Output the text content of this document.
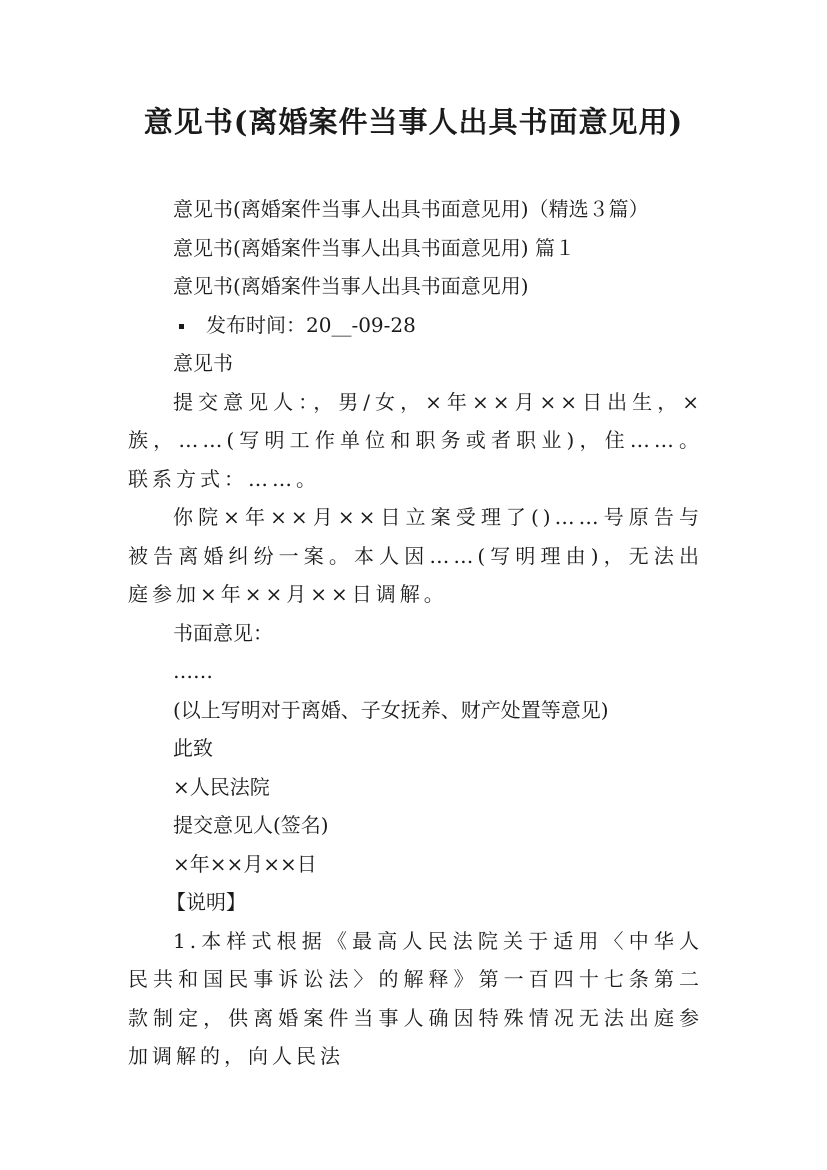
意见书(离婚案件当事人出具书面意见用)

意见书(离婚案件当事人出具书面意见用)（精选３篇）

意见书(离婚案件当事人出具书面意见用) 篇１

意见书(离婚案件当事人出具书面意见用)

发布时间：20__-09-28

意见书

提交意见人：，男/女，×年××月××日出生，×族，……(写明工作单位和职务或者职业)，住……。联系方式：……。

你院×年××月××日立案受理了()……号原告与被告离婚纠纷一案。本人因……(写明理由)，无法出庭参加×年××月××日调解。

书面意见：

……

(以上写明对于离婚、子女抚养、财产处置等意见)

此致

×人民法院

提交意见人(签名)

×年××月××日

【说明】

1.本样式根据《最高人民法院关于适用〈中华人民共和国民事诉讼法〉的解释》第一百四十七条第二款制定，供离婚案件当事人确因特殊情况无法出庭参加调解的，向人民法
